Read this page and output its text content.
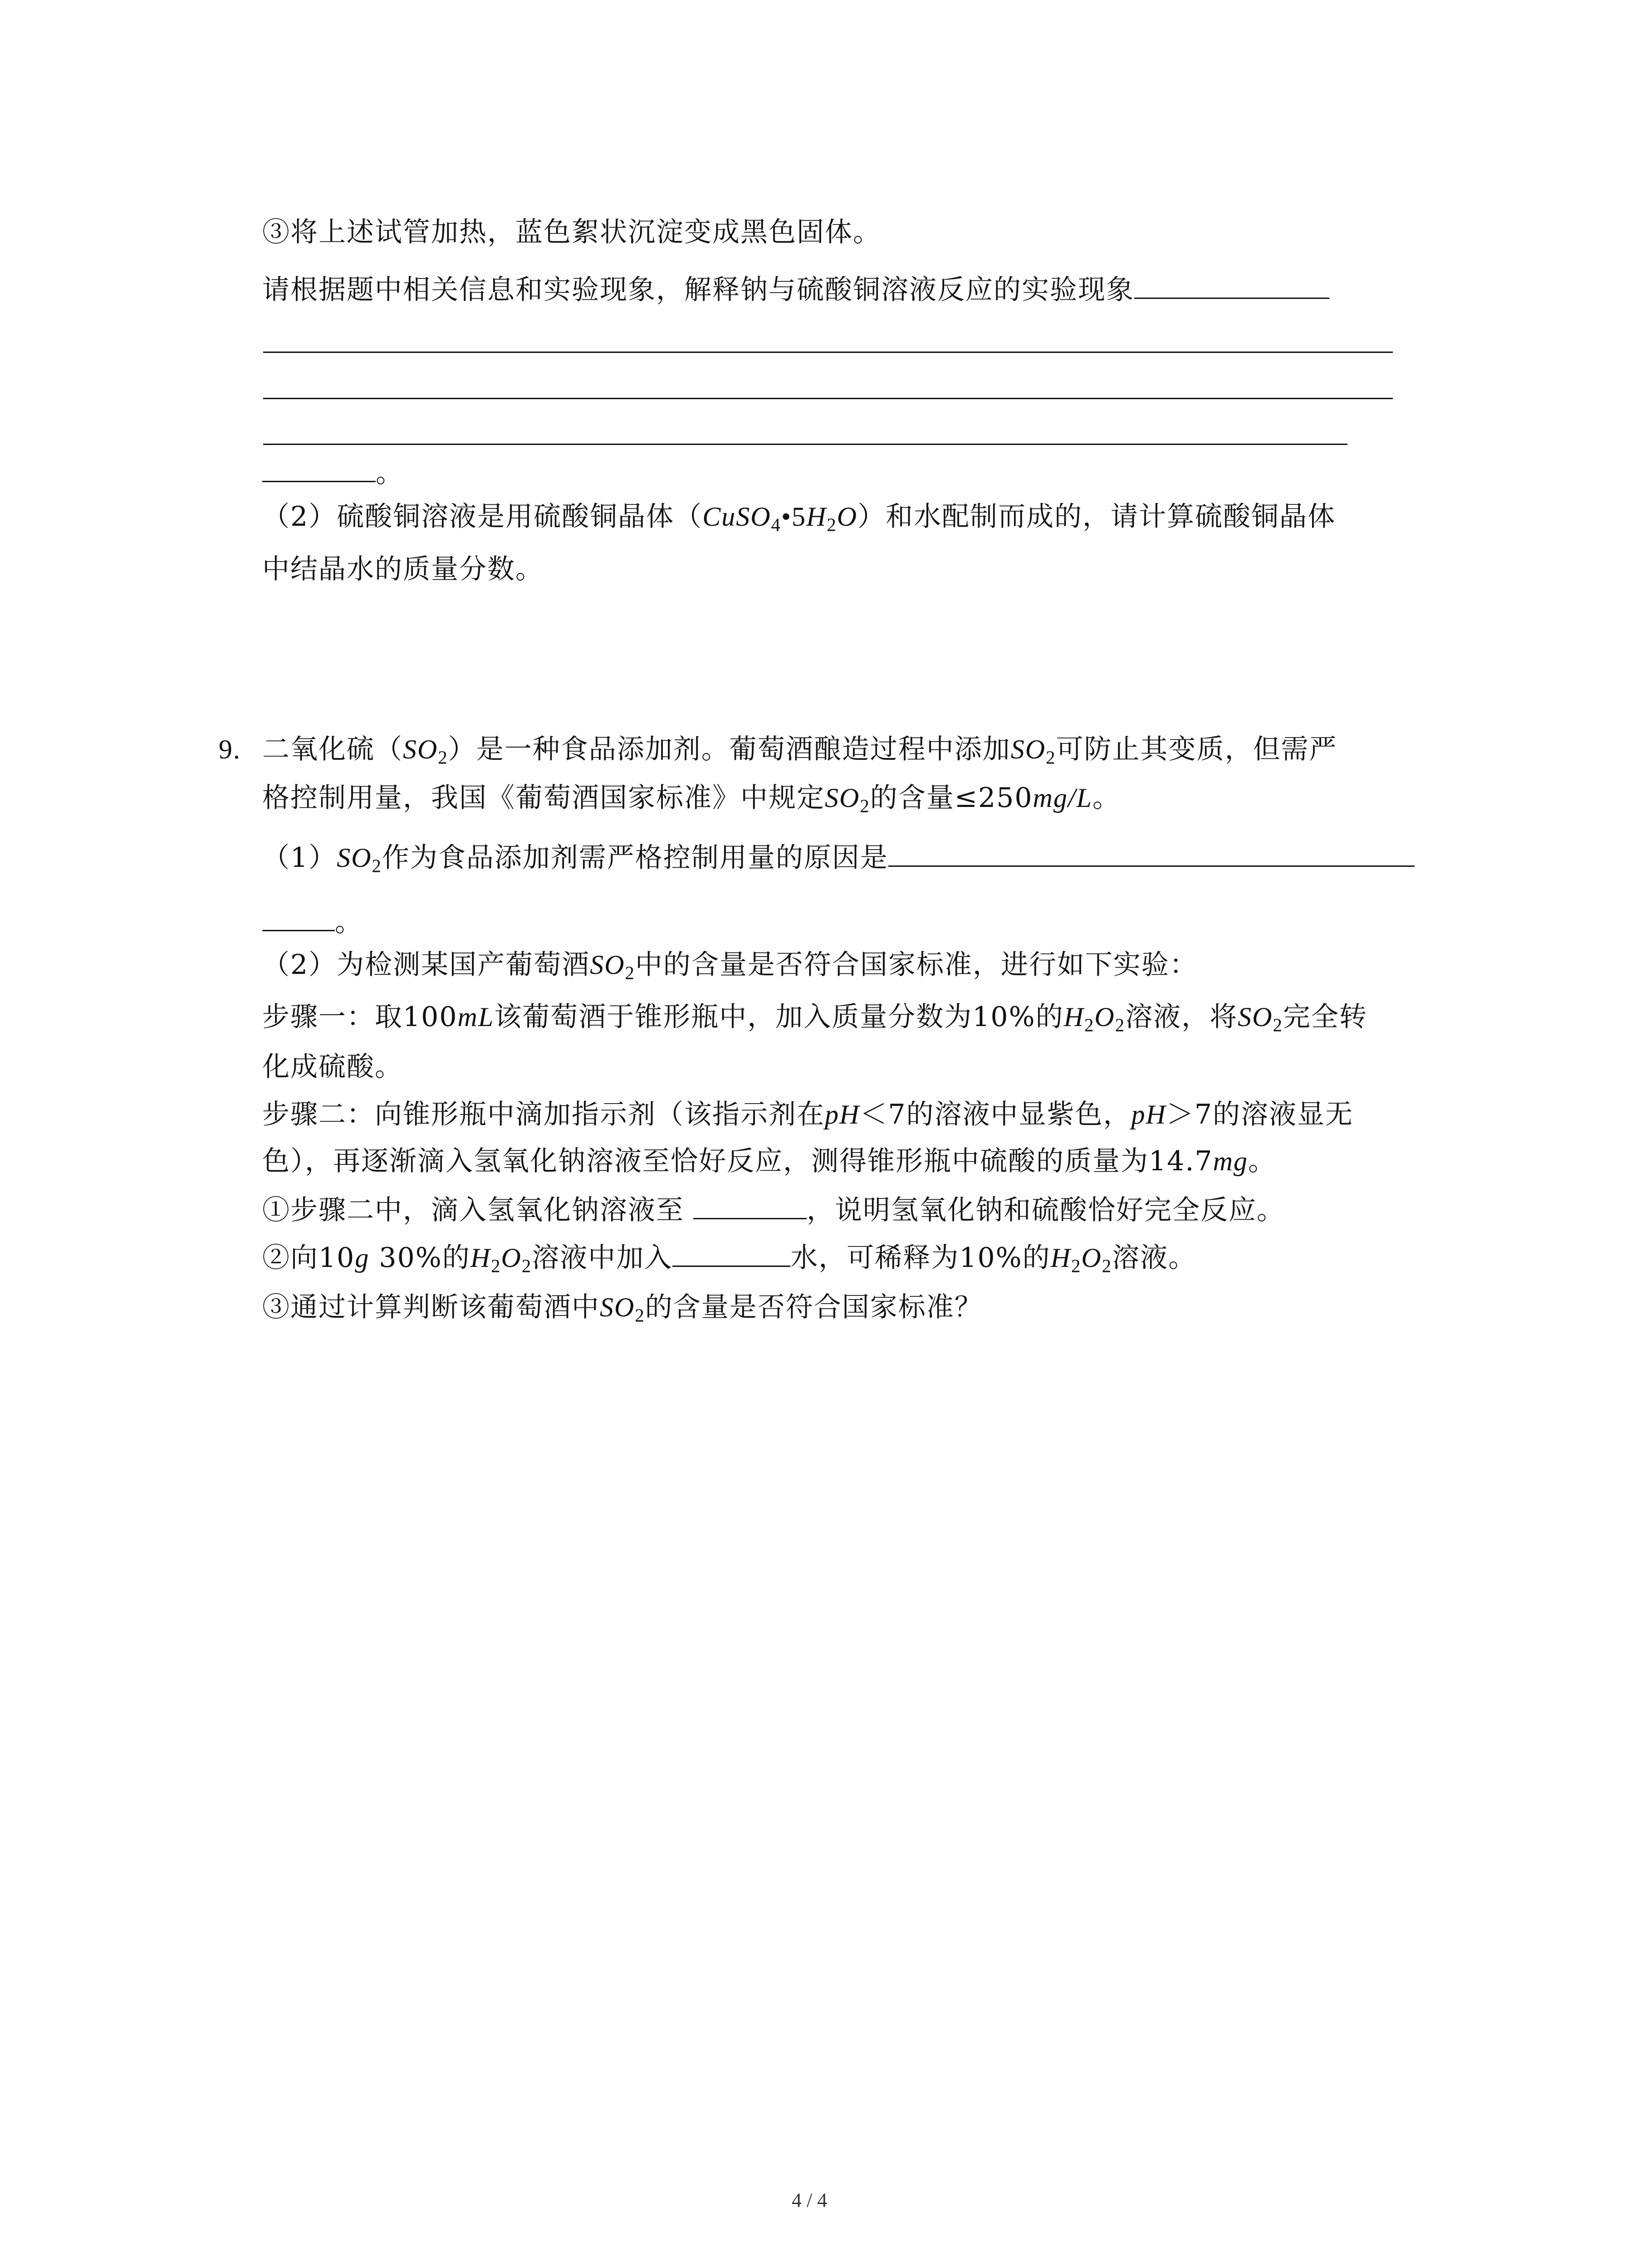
③将上述试管加热，蓝色絮状沉淀变成黑色固体。
请根据题中相关信息和实验现象，解释钠与硫酸铜溶液反应的实验现象
。
（2）硫酸铜溶液是用硫酸铜晶体$(CuSO_4•5H_2O)$和水配制而成的，请计算硫酸铜晶体
中结晶水的质量分数。
9. 二氧化硫$(SO_2)$是一种食品添加剂。葡萄酒酿造过程中添加$SO_2$可防止其变质，但需严
格控制用量，我国《葡萄酒国家标准》中规定$SO_2$的含量≤250mg/L。
$(1)SO_2$作为食品添加剂需严格控制用量的原因是
。
（2）为检测某国产葡萄酒$SO_2$中的含量是否符合国家标准，进行如下实验：
步骤一：取100mL该葡萄酒于锥形瓶中，加入质量分数为10%的$H_2O_2$溶液，将$SO_2$完全转
化成硫酸。
步骤二：向锥形瓶中滴加指示剂（该指示剂在pH＜7的溶液中显紫色，pH＞7的溶液显无
色），再逐渐滴入氢氧化钠溶液至恰好反应，测得锥形瓶中硫酸的质量为14.7mg。
①步骤二中，滴入氢氧化钠溶液至	，说明氢氧化钠和硫酸恰好完全反应。
②向10g 30%的$H_2O_2$溶液中加入	水，可稀释为10%的$H_2O_2$溶液。
③通过计算判断该葡萄酒中$SO_2$的含量是否符合国家标准？
4 / 4
